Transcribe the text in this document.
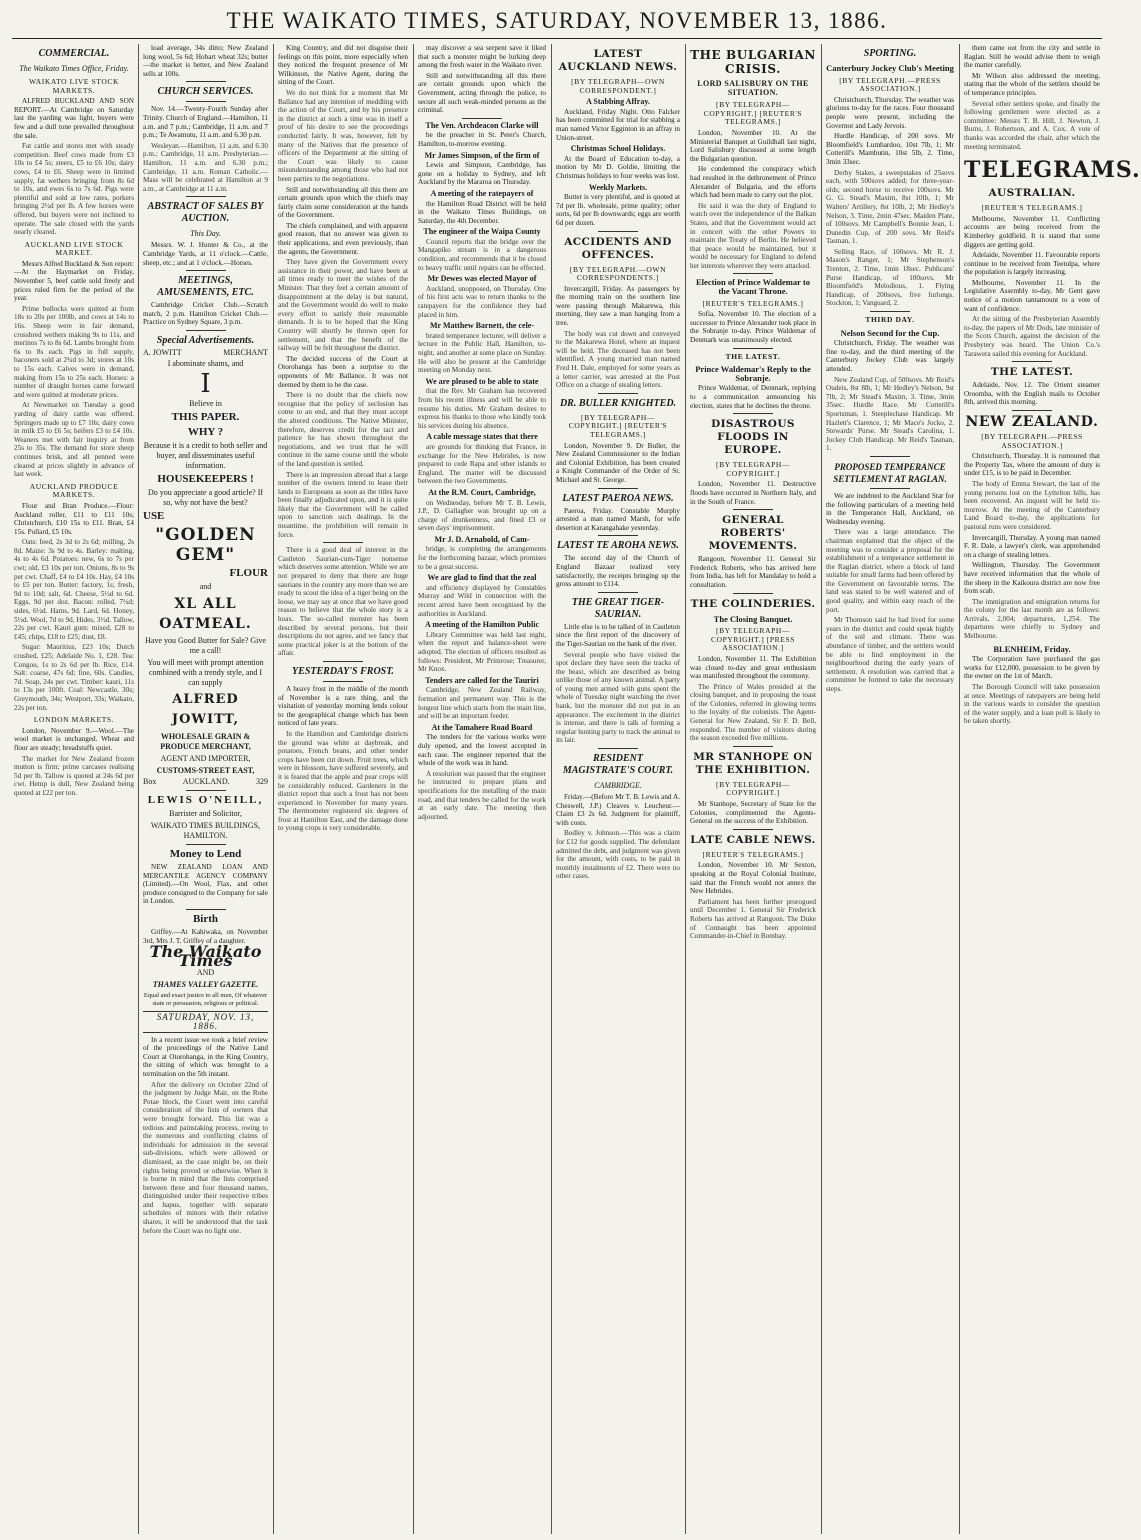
THE WAIKATO TIMES, SATURDAY, NOVEMBER 13, 1886.
COMMERCIAL.
The Waikato Times Office, Friday.
WAIKATO LIVE STOCK MARKETS.

ALFRED BUCKLAND AND SON REPORT.—At Cambridge on Saturday last the yarding was light, buyers were few and a dull tone prevailed throughout the sale.

Fat cattle and stores met with steady competition. Beef cows made from £3 10s to £4 5s; steers, £5 to £6 10s; dairy cows, £4 to £6. Sheep were in limited supply, fat wethers bringing from 8s 6d to 10s, and ewes 6s to 7s 6d. Pigs were plentiful and sold at low rates, porkers bringing 2½d per lb. A few horses were offered, but buyers were not inclined to operate. The sale closed with the yards nearly cleared.

AUCKLAND LIVE STOCK MARKET.

Messrs Alfred Buckland & Son report:—At the Haymarket on Friday, November 5, beef cattle sold freely and prices ruled firm for the period of the year.

Prime bullocks were quitted at from 18s to 20s per 100lb, and cows at 14s to 16s. Sheep were in fair demand, crossbred wethers making 9s to 11s, and merinos 7s to 8s 6d. Lambs brought from 6s to 8s each. Pigs in full supply, baconers sold at 2¾d to 3d; stores at 10s to 15s each. Calves were in demand, making from 15s to 25s each. Horses: a number of draught horses came forward and were quitted at moderate prices.

At Newmarket on Tuesday a good yarding of dairy cattle was offered. Springers made up to £7 10s; dairy cows in milk £5 to £6 5s; heifers £3 to £4 10s. Weaners met with fair inquiry at from 25s to 35s. The demand for store sheep continues brisk, and all penned were cleared at prices slightly in advance of last week.

AUCKLAND PRODUCE MARKETS.

Flour and Bran Produce.—Flour: Auckland roller, £11 to £11 10s; Christchurch, £10 15s to £11. Bran, £4 15s. Pollard, £5 10s.

Oats: feed, 2s 3d to 2s 6d; milling, 2s 8d. Maize: 3s 9d to 4s. Barley: malting, 4s to 4s 6d. Potatoes: new, 6s to 7s per cwt; old, £3 10s per ton. Onions, 8s to 9s per cwt. Chaff, £4 to £4 10s. Hay, £4 10s to £5 per ton. Butter: factory, 1s; fresh, 9d to 10d; salt, 6d. Cheese, 5½d to 6d. Eggs, 9d per doz. Bacon: rolled, 7½d; sides, 6½d. Hams, 9d. Lard, 6d. Honey, 5½d. Wool, 7d to 9d. Hides, 3½d. Tallow, 22s per cwt. Kauri gum: mixed, £28 to £45; chips, £18 to £25; dust, £8.

Sugar: Mauritius, £23 10s; Dutch crushed, £25; Adelaide No. 1, £28. Tea: Congou, 1s to 2s 6d per lb. Rice, £14. Salt: coarse, 47s 6d; fine, 60s. Candles, 7d. Soap, 24s per cwt. Timber: kauri, 11s to 13s per 100ft. Coal: Newcastle, 30s; Greymouth, 34s; Westport, 33s; Waikato, 22s per ton.

LONDON MARKETS.

London, November 9.—Wool.—The wool market is unchanged. Wheat and flour are steady; breadstuffs quiet.

The market for New Zealand frozen mutton is firm; prime carcases realising 5d per lb. Tallow is quoted at 24s 6d per cwt. Hemp is dull, New Zealand being quoted at £22 per ton.

load average, 34s ditto; New Zealand long wool, 5s 6d; Hobart wheat 32s; butter—the market is better, and New Zealand sells at 100s.

CHURCH SERVICES.

Nov. 14.—Twenty-Fourth Sunday after Trinity. Church of England.—Hamilton, 11 a.m. and 7 p.m.; Cambridge, 11 a.m. and 7 p.m.; Te Awamutu, 11 a.m. and 6.30 p.m.

Wesleyan.—Hamilton, 11 a.m. and 6.30 p.m.; Cambridge, 11 a.m. Presbyterian.—Hamilton, 11 a.m. and 6.30 p.m.; Cambridge, 11 a.m. Roman Catholic.—Mass will be celebrated at Hamilton at 9 a.m., at Cambridge at 11 a.m.

ABSTRACT OF SALES BY AUCTION.
This Day.

Messrs. W. J. Hunter & Co., at the Cambridge Yards, at 11 o'clock.—Cattle, sheep, etc.; and at 1 o'clock.—Horses.

MEETINGS, AMUSEMENTS, ETC.

Cambridge Cricket Club.—Scratch match, 2 p.m. Hamilton Cricket Club.—Practice on Sydney Square, 3 p.m.

Special Advertisements.
A. JOWITT	MERCHANT
I abominate shams, and
I
Believe in
THIS PAPER.
WHY ?
Because it is a credit to both seller and buyer, and disseminates useful information.
HOUSEKEEPERS !
Do you appreciate a good article? If so, why not have the best?
USE
"GOLDEN GEM"
FLOUR
and
XL ALL OATMEAL.
Have you Good Butter for Sale? Give me a call!
You will meet with prompt attention combined with a trendy style, and I can supply
ALFRED JOWITT,
WHOLESALE GRAIN & PRODUCE MERCHANT,
AGENT AND IMPORTER,
CUSTOMS-STREET EAST,
Box	AUCKLAND.	329
LEWIS O'NEILL,
Barrister and Solicitor,
WAIKATO TIMES BUILDINGS, HAMILTON.
Money to Lend

NEW ZEALAND LOAN AND MERCANTILE AGENCY COMPANY (Limited).—On Wool, Flax, and other produce consigned to the Company for sale in London.

Birth

Griffey.—At Kahiwaka, on November 3rd, Mrs J. T. Griffey of a daughter.

The Waikato Times
AND
THAMES VALLEY GAZETTE.
Equal and exact justice to all men, Of whatever state or persuasion, religious or political.
SATURDAY, NOV. 13, 1886.

In a recent issue we took a brief review of the proceedings of the Native Land Court at Otorohanga, in the King Country, the sitting of which was brought to a termination on the 5th instant.

After the delivery on October 22nd of the judgment by Judge Mair, on the Rohe Potae block, the Court went into careful consideration of the lists of owners that were brought forward. This list was a tedious and painstaking process, owing to the numerous and conflicting claims of individuals for admission in the several sub-divisions, which were allowed or dismissed, as the case might be, on their rights being proved or otherwise. When it is borne in mind that the lists comprised between three and four thousand names, distinguished under their respective tribes and hapus, together with separate schedules of minors with their relative shares, it will be understood that the task before the Court was no light one.

King Country, and did not disguise their feelings on this point, more especially when they noticed the frequent presence of Mr Wilkinson, the Native Agent, during the sitting of the Court.

We do not think for a moment that Mr Ballance had any intention of meddling with the action of the Court, and by his presence in the district at such a time was in itself a proof of his desire to see the proceedings conducted fairly. It was, however, felt by many of the Natives that the presence of officers of the Department at the sitting of the Court was likely to cause misunderstanding among those who had not been parties to the negotiations.

Still and notwithstanding all this there are certain grounds upon which the chiefs may fairly claim some consideration at the hands of the Government.

The chiefs complained, and with apparent good reason, that no answer was given to their applications, and even previously, than the agents, the Government.

They have given the Government every assistance in their power, and have been at all times ready to meet the wishes of the Minister. That they feel a certain amount of disappointment at the delay is but natural, and the Government would do well to make every effort to satisfy their reasonable demands. It is to be hoped that the King Country will shortly be thrown open for settlement, and that the benefit of the railway will be felt throughout the district.

The decided success of the Court at Otorohanga has been a surprise to the opponents of Mr Ballance. It was not deemed by them to be the case.

There is no doubt that the chiefs now recognise that the policy of seclusion has come to an end, and that they must accept the altered conditions. The Native Minister, therefore, deserves credit for the tact and patience he has shown throughout the negotiations, and we trust that he will continue in the same course until the whole of the land question is settled.

There is an impression abroad that a large number of the owners intend to lease their lands to Europeans as soon as the titles have been finally adjudicated upon, and it is quite likely that the Government will be called upon to sanction such dealings. In the meantime, the prohibition will remain in force.

There is a good deal of interest in the Castleton Saurian-cum-Tiger nonsense which deserves some attention. While we are not prepared to deny that there are huge saurians in the country any more than we are ready to scout the idea of a tiger being on the loose, we may say at once that we have good reason to believe that the whole story is a hoax. The so-called monster has been described by several persons, but their descriptions do not agree, and we fancy that some practical joker is at the bottom of the affair.

YESTERDAY'S FROST.

A heavy frost in the middle of the month of November is a rare thing, and the visitation of yesterday morning lends colour to the geographical change which has been noticed of late years.

In the Hamilton and Cambridge districts the ground was white at daybreak, and potatoes, French beans, and other tender crops have been cut down. Fruit trees, which were in blossom, have suffered severely, and it is feared that the apple and pear crops will be considerably reduced. Gardeners in the district report that such a frost has not been experienced in November for many years. The thermometer registered six degrees of frost at Hamilton East, and the damage done to young crops is very considerable.

may discover a sea serpent save it liked that such a monster might be lurking deep among the fresh water in the Waikato river.

Still and notwithstanding all this there are certain grounds upon which the Government, acting through the police, to secure all such weak-minded persons as the criminal.

The Ven. Archdeacon Clarke will

be the preacher in St. Peter's Church, Hamilton, to-morrow evening.

Mr James Simpson, of the firm of

Lewis and Simpson, Cambridge, has gone on a holiday to Sydney, and left Auckland by the Mararoa on Thursday.

A meeting of the ratepayers of

the Hamilton Road District will be held in the Waikato Times Buildings, on Saturday, the 4th December.

The engineer of the Waipa County

Council reports that the bridge over the Mangapiko stream is in a dangerous condition, and recommends that it be closed to heavy traffic until repairs can be effected.

Mr Dewes was elected Mayor of

Auckland, unopposed, on Thursday. One of his first acts was to return thanks to the ratepayers for the confidence they had placed in him.

Mr Matthew Barnett, the cele-

brated temperance lecturer, will deliver a lecture in the Public Hall, Hamilton, to-night, and another at some place on Sunday. He will also be present at the Cambridge meeting on Monday next.

We are pleased to be able to state

that the Rev. Mr Graham has recovered from his recent illness and will be able to resume his duties. Mr Graham desires to express his thanks to those who kindly took his services during his absence.

A cable message states that there

are grounds for thinking that France, in exchange for the New Hebrides, is now prepared to cede Rapa and other islands to England. The matter will be discussed between the two Governments.

At the R.M. Court, Cambridge,

on Wednesday, before Mr T. B. Lewis, J.P., D. Gallagher was brought up on a charge of drunkenness, and fined £3 or seven days' imprisonment.

Mr J. D. Arnabold, of Cam-

bridge, is completing the arrangements for the forthcoming bazaar, which promises to be a great success.

We are glad to find that the zeal

and efficiency displayed by Constables Murray and Wild in connection with the recent arrest have been recognised by the authorities in Auckland.

A meeting of the Hamilton Public

Library Committee was held last night, when the report and balance-sheet were adopted. The election of officers resulted as follows: President, Mr Primrose; Treasurer, Mr Knox.

Tenders are called for the Tauriri

Cambridge, New Zealand Railway, formation and permanent way. This is the longest line which starts from the main line, and will be an important feeder.

At the Tamahere Road Board

The tenders for the various works were duly opened, and the lowest accepted in each case. The engineer reported that the whole of the work was in hand.

A resolution was passed that the engineer be instructed to prepare plans and specifications for the metalling of the main road, and that tenders be called for the work at an early date. The meeting then adjourned.

LATEST AUCKLAND NEWS.
[BY TELEGRAPH—OWN CORRESPONDENT.]
A Stabbing Affray.

Auckland, Friday Night. Otto Falcker has been committed for trial for stabbing a man named Victor Egginton in an affray in Union-street.

Christmas School Holidays.

At the Board of Education to-day, a motion by Mr D. Goldie, limiting the Christmas holidays to four weeks was lost.

Weekly Markets.

Butter is very plentiful, and is quoted at 7d per lb. wholesale, prime quality; other sorts, 6d per lb downwards; eggs are worth 6d per dozen.

ACCIDENTS AND OFFENCES.
[BY TELEGRAPH.—OWN CORRESPONDENTS.]

Invercargill, Friday. As passengers by the morning train on the southern line were passing through Makarewa, this morning, they saw a man hanging from a tree.

The body was cut down and conveyed to the Makarewa Hotel, where an inquest will be held. The deceased has not been identified. A young married man named Fred H. Dale, employed for some years as a letter carrier, was arrested at the Post Office on a charge of stealing letters.

DR. BULLER KNIGHTED.
[BY TELEGRAPH—COPYRIGHT.] [REUTER'S TELEGRAMS.]

London, November 9. Dr Buller, the New Zealand Commissioner to the Indian and Colonial Exhibition, has been created a Knight Commander of the Order of St. Michael and St. George.

LATEST PAEROA NEWS.

Paeroa, Friday. Constable Murphy arrested a man named Marsh, for wife desertion at Karangahake yesterday.

LATEST TE AROHA NEWS.

The second day of the Church of England Bazaar realized very satisfactorily, the receipts bringing up the gross amount to £114.

THE GREAT TIGER-SAURIAN.

Little else is to be talked of in Castleton since the first report of the discovery of the Tiger-Saurian on the bank of the river.

Several people who have visited the spot declare they have seen the tracks of the beast, which are described as being unlike those of any known animal. A party of young men armed with guns spent the whole of Tuesday night watching the river bank, but the monster did not put in an appearance. The excitement in the district is intense, and there is talk of forming a regular hunting party to track the animal to its lair.

RESIDENT MAGISTRATE'S COURT.
CAMBRIDGE.

Friday.—(Before Mr T. B. Lewis and A. Cheswell, J.P.) Cleaves v. Leucheur.—Claim £3 2s 6d. Judgment for plaintiff, with costs.

Bodley v. Johnson.—This was a claim for £12 for goods supplied. The defendant admitted the debt, and judgment was given for the amount, with costs, to be paid in monthly instalments of £2. There were no other cases.

THE BULGARIAN CRISIS.
LORD SALISBURY ON THE SITUATION.
[BY TELEGRAPH—COPYRIGHT.] [REUTER'S TELEGRAMS.]

London, November 10. At the Ministerial Banquet at Guildhall last night, Lord Salisbury discussed at some length the Bulgarian question.

He condemned the conspiracy which had resulted in the dethronement of Prince Alexander of Bulgaria, and the efforts which had been made to carry out the plot.

He said it was the duty of England to watch over the independence of the Balkan States, and that the Government would act in concert with the other Powers to maintain the Treaty of Berlin. He believed that peace would be maintained, but it would be necessary for England to defend her interests wherever they were attacked.

Election of Prince Waldemar to the Vacant Throne.
[REUTER'S TELEGRAMS.]

Sofia, November 10. The election of a successor to Prince Alexander took place in the Sobranje to-day. Prince Waldemar of Denmark was unanimously elected.

THE LATEST.
Prince Waldemar's Reply to the Sobranje.

Prince Waldemar, of Denmark, replying to a communication announcing his election, states that he declines the throne.

DISASTROUS FLOODS IN EUROPE.
[BY TELEGRAPH—COPYRIGHT.]

London, November 11. Destructive floods have occurred in Northern Italy, and in the South of France.

GENERAL ROBERTS' MOVEMENTS.

Rangoon, November 11. General Sir Frederick Roberts, who has arrived here from India, has left for Mandalay to hold a consultation.

THE COLINDERIES.
The Closing Banquet.
[BY TELEGRAPH—COPYRIGHT.] [PRESS ASSOCIATION.]

London, November 11. The Exhibition was closed to-day and great enthusiasm was manifested throughout the ceremony.

The Prince of Wales presided at the closing banquet, and in proposing the toast of the Colonies, referred in glowing terms to the loyalty of the colonists. The Agent-General for New Zealand, Sir F. D. Bell, responded. The number of visitors during the season exceeded five millions.

MR STANHOPE ON THE EXHIBITION.
[BY TELEGRAPH—COPYRIGHT.]

Mr Stanhope, Secretary of State for the Colonies, complimented the Agents-General on the success of the Exhibition.

LATE CABLE NEWS.
[REUTER'S TELEGRAMS.]

London, November 10. Mr Sexton, speaking at the Royal Colonial Institute, said that the French would not annex the New Hebrides.

Parliament has been further prorogued until December 1. General Sir Frederick Roberts has arrived at Rangoon. The Duke of Connaught has been appointed Commander-in-Chief in Bombay.

SPORTING.
Canterbury Jockey Club's Meeting
[BY TELEGRAPH.—PRESS ASSOCIATION.]

Christchurch, Thursday. The weather was glorious to-day for the races. Four thousand people were present, including the Governor and Lady Jervois.

Hurdle Handicap, of 200 sovs. Mr Bloomfield's Lumbardoo, 10st 7lb, 1; Mr Cotterill's Mambutin, 10st 5lb, 2. Time, 3min 33sec.

Derby Stakes, a sweepstakes of 25sovs each, with 500sovs added; for three-year-olds; second horse to receive 100sovs. Mr G. G. Stead's Maxim, 8st 10lb, 1; Mr Walters' Artillery, 8st 10lb, 2; Mr Hedley's Nelson, 3. Time, 2min 47sec. Maiden Plate, of 100sovs. Mr Campbell's Bonnie Jean, 1. Dunedin Cup, of 200 sovs. Mr Reid's Tasman, 1.

Selling Race, of 100sovs. Mr R. J. Mason's Ranger, 1; Mr Stephenson's Trenton, 2. Time, 1min 18sec. Publicans' Purse Handicap, of 100sovs. Mr Bloomfield's Melodious, 1. Flying Handicap, of 200sovs, five furlongs. Stockton, 1; Vanguard, 2.

THIRD DAY.
Nelson Second for the Cup.

Christchurch, Friday. The weather was fine to-day, and the third meeting of the Canterbury Jockey Club was largely attended.

New Zealand Cup, of 500sovs. Mr Reid's Oudeis, 8st 8lb, 1; Mr Hedley's Nelson, 9st 7lb, 2; Mr Stead's Maxim, 3. Time, 3min 35sec. Hurdle Race. Mr Cotterill's Sportsman, 1. Steeplechase Handicap. Mr Hazlett's Clarence, 1; Mr Mace's Jocko, 2. Stewards' Purse. Mr Stead's Carolina, 1. Jockey Club Handicap. Mr Reid's Tasman, 1.

PROPOSED TEMPERANCE SETTLEMENT AT RAGLAN.

We are indebted to the Auckland Star for the following particulars of a meeting held in the Temperance Hall, Auckland, on Wednesday evening.

There was a large attendance. The chairman explained that the object of the meeting was to consider a proposal for the establishment of a temperance settlement in the Raglan district, where a block of land suitable for small farms had been offered by the Government on favourable terms. The land was stated to be well watered and of good quality, and within easy reach of the port.

Mr Thomson said he had lived for some years in the district and could speak highly of the soil and climate. There was abundance of timber, and the settlers would be able to find employment in the neighbourhood during the early years of settlement. A resolution was carried that a committee be formed to take the necessary steps.

them came out from the city and settle in Raglan. Still he would advise them to weigh the matter carefully.

Mr Wilson also addressed the meeting, stating that the whole of the settlers should be of temperance principles.

Several other settlers spoke, and finally the following gentlemen were elected as a committee: Messrs T. B. Hill, J. Newton, J. Burns, J. Robertson, and A. Cox. A vote of thanks was accorded the chair, after which the meeting terminated.

TELEGRAMS.
AUSTRALIAN.
[REUTER'S TELEGRAMS.]

Melbourne, November 11. Conflicting accounts are being received from the Kimberley goldfield. It is stated that some diggers are getting gold.

Adelaide, November 11. Favourable reports continue to be received from Teetulpa, where the population is largely increasing.

Melbourne, November 11. In the Legislative Assembly to-day, Mr Gent gave notice of a motion tantamount to a vote of want of confidence.

At the sitting of the Presbyterian Assembly to-day, the papers of Mr Dods, late minister of the Scots Church, against the decision of the Presbytery was heard. The Union Co.'s Tarawera sailed this evening for Auckland.

THE LATEST.

Adelaide, Nov. 12. The Orient steamer Oroomba, with the English mails to October 8th, arrived this morning.

NEW ZEALAND.
[BY TELEGRAPH.—PRESS ASSOCIATION.]

Christchurch, Thursday. It is rumoured that the Property Tax, where the amount of duty is under £15, is to be paid in December.

The body of Emma Stewart, the last of the young persons lost on the Lyttelton hills, has been recovered. An inquest will be held to-morrow. At the meeting of the Canterbury Land Board to-day, the applications for pastoral runs were considered.

Invercargill, Thursday. A young man named F. R. Dale, a lawyer's clerk, was apprehended on a charge of stealing letters.

Wellington, Thursday. The Government have received information that the whole of the sheep in the Kaikoura district are now free from scab.

The immigration and emigration returns for the colony for the last month are as follows: Arrivals, 2,004; departures, 1,254. The departures were chiefly to Sydney and Melbourne.

BLENHEIM, Friday.

The Corporation have purchased the gas works for £12,000, possession to be given by the owner on the 1st of March.

The Borough Council will take possession at once. Meetings of ratepayers are being held in the various wards to consider the question of the water supply, and a loan poll is likely to be taken shortly.
